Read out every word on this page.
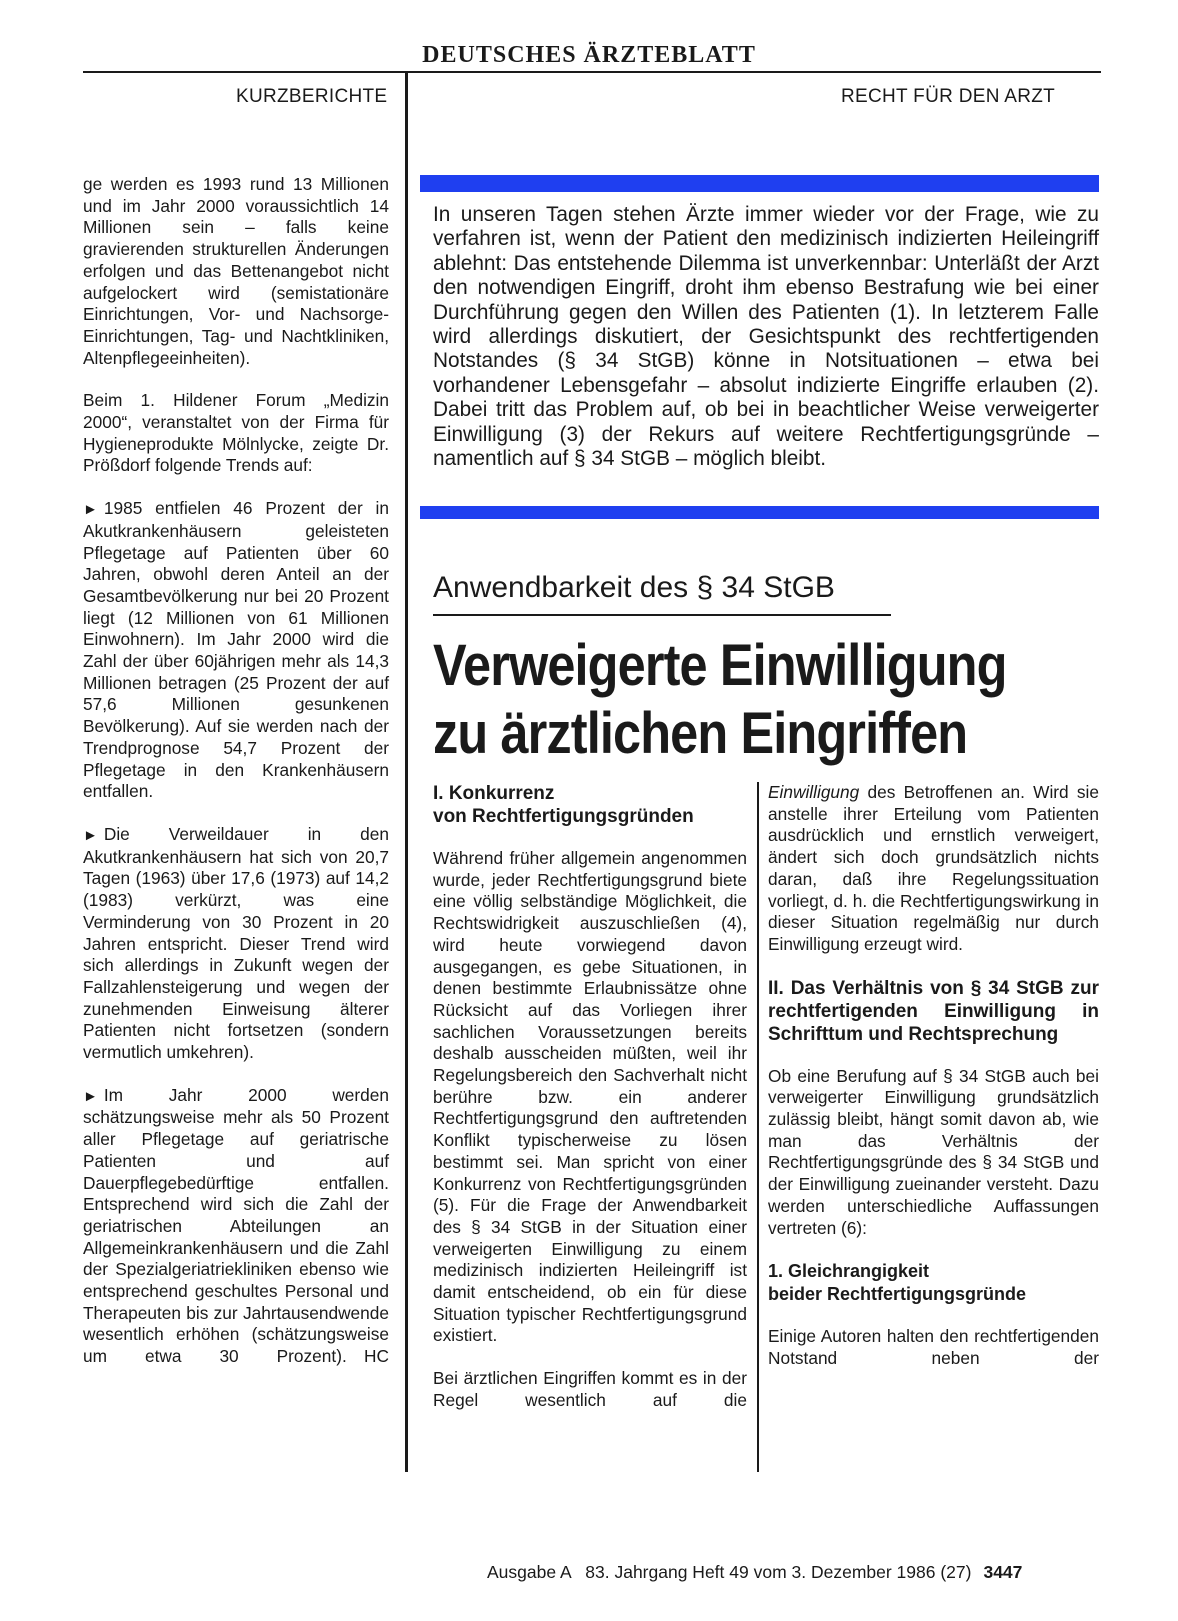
DEUTSCHES ÄRZTEBLATT
KURZBERICHTE	RECHT FÜR DEN ARZT

ge werden es 1993 rund 13 Millionen und im Jahr 2000 voraussichtlich 14 Millionen sein – falls keine gravierenden strukturellen Änderungen erfolgen und das Bettenangebot nicht aufgelockert wird (semistationäre Einrichtungen, Vor- und Nachsorge-Einrichtungen, Tag- und Nachtkliniken, Altenpflegeeinheiten).

Beim 1. Hildener Forum „Medizin 2000“, veranstaltet von der Firma für Hygieneprodukte Mölnlycke, zeigte Dr. Prößdorf folgende Trends auf:

► 1985 entfielen 46 Prozent der in Akutkrankenhäusern geleisteten Pflegetage auf Patienten über 60 Jahren, obwohl deren Anteil an der Gesamtbevölkerung nur bei 20 Prozent liegt (12 Millionen von 61 Millionen Einwohnern). Im Jahr 2000 wird die Zahl der über 60jährigen mehr als 14,3 Millionen betragen (25 Prozent der auf 57,6 Millionen gesunkenen Bevölkerung). Auf sie werden nach der Trendprognose 54,7 Prozent der Pflegetage in den Krankenhäusern entfallen.

► Die Verweildauer in den Akutkrankenhäusern hat sich von 20,7 Tagen (1963) über 17,6 (1973) auf 14,2 (1983) verkürzt, was eine Verminderung von 30 Prozent in 20 Jahren entspricht. Dieser Trend wird sich allerdings in Zukunft wegen der Fallzahlensteigerung und wegen der zunehmenden Einweisung älterer Patienten nicht fortsetzen (sondern vermutlich umkehren).

► Im Jahr 2000 werden schätzungsweise mehr als 50 Prozent aller Pflegetage auf geriatrische Patienten und auf Dauerpflegebedürftige entfallen. Entsprechend wird sich die Zahl der geriatrischen Abteilungen an Allgemeinkrankenhäusern und die Zahl der Spezialgeriatriekliniken ebenso wie entsprechend geschultes Personal und Therapeuten bis zur Jahrtausendwende wesentlich erhöhen (schätzungsweise um etwa 30 Prozent).  HC

In unseren Tagen stehen Ärzte immer wieder vor der Frage, wie zu verfahren ist, wenn der Patient den medizinisch indizierten Heileingriff ablehnt: Das entstehende Dilemma ist unverkennbar: Unterläßt der Arzt den notwendigen Eingriff, droht ihm ebenso Bestrafung wie bei einer Durchführung gegen den Willen des Patienten (1). In letzterem Falle wird allerdings diskutiert, der Gesichtspunkt des rechtfertigenden Notstandes (§ 34 StGB) könne in Notsituationen – etwa bei vorhandener Lebensgefahr – absolut indizierte Eingriffe erlauben (2). Dabei tritt das Problem auf, ob bei in beachtlicher Weise verweigerter Einwilligung (3) der Rekurs auf weitere Rechtfertigungsgründe – namentlich auf § 34 StGB – möglich bleibt.

Anwendbarkeit des § 34 StGB
Verweigerte Einwilligung
zu ärztlichen Eingriffen
I. Konkurrenz
von Rechtfertigungsgründen

Während früher allgemein angenommen wurde, jeder Rechtfertigungsgrund biete eine völlig selbständige Möglichkeit, die Rechtswidrigkeit auszuschließen (4), wird heute vorwiegend davon ausgegangen, es gebe Situationen, in denen bestimmte Erlaubnissätze ohne Rücksicht auf das Vorliegen ihrer sachlichen Voraussetzungen bereits deshalb ausscheiden müßten, weil ihr Regelungsbereich den Sachverhalt nicht berühre bzw. ein anderer Rechtfertigungsgrund den auftretenden Konflikt typischerweise zu lösen bestimmt sei. Man spricht von einer Konkurrenz von Rechtfertigungsgründen (5). Für die Frage der Anwendbarkeit des § 34 StGB in der Situation einer verweigerten Einwilligung zu einem medizinisch indizierten Heileingriff ist damit entscheidend, ob ein für diese Situation typischer Rechtfertigungsgrund existiert.

Bei ärztlichen Eingriffen kommt es in der Regel wesentlich auf die

Einwilligung des Betroffenen an. Wird sie anstelle ihrer Erteilung vom Patienten ausdrücklich und ernstlich verweigert, ändert sich doch grundsätzlich nichts daran, daß ihre Regelungssituation vorliegt, d. h. die Rechtfertigungswirkung in dieser Situation regelmäßig nur durch Einwilligung erzeugt wird.

II. Das Verhältnis von § 34 StGB zur rechtfertigenden Einwilligung in Schrifttum und Rechtsprechung

Ob eine Berufung auf § 34 StGB auch bei verweigerter Einwilligung grundsätzlich zulässig bleibt, hängt somit davon ab, wie man das Verhältnis der Rechtfertigungsgründe des § 34 StGB und der Einwilligung zueinander versteht. Dazu werden unterschiedliche Auffassungen vertreten (6):

1. Gleichrangigkeit
beider Rechtfertigungsgründe

Einige Autoren halten den rechtfertigenden Notstand neben der

Ausgabe A   83. Jahrgang Heft 49 vom 3. Dezember 1986 (27) 3447
